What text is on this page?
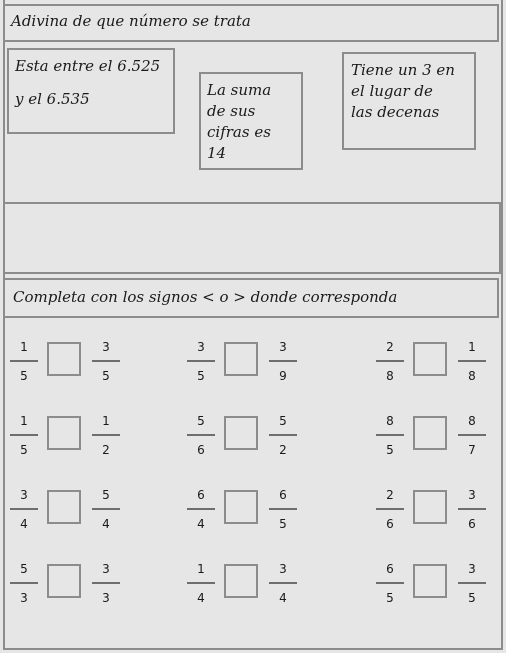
Adivina de que número se trata
Esta entre el 6.525
y el 6.535	La suma
de sus
cifras es
14
Tiene un 3 en
el lugar de
las decenas
Completa con los signos < o > donde corresponda
1
5
3
5
3
5
3
9
2
8
1
8
1
5
1
2
5
6
5
2
8
5
8
7
3
4
5
4
6
4
6
5
2
6
3
6
5
3
3
3
1
4
3
4
6
5
3
5
